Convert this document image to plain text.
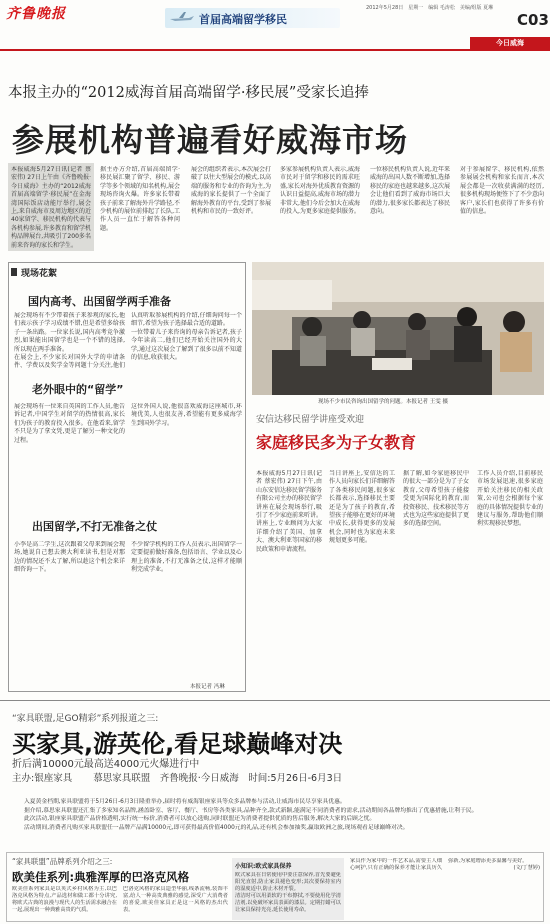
齐鲁晚报	首届高端留学移民
2012年5月28日　星期一　编辑 毛涛松　美编/组版 夏琳
C03
今日威海
本报主办的“2012威海首届高端留学·移民展”受家长追捧
参展机构普遍看好威海市场
本报威海5月27日讯(记者 蔡宏伟) 27日上午由《齐鲁晚报·今日威海》主办的“2012威海首届高端留学·移民展”在金海湾国际饭店动能厅举行,展会上,来自威海市及周边地区的近40家留学、移民机构的代表与各机构参展,许多教育和留学机构品牌展台,共吸引了200多名前来咨询的家长和学生。
据主办方介绍,首届高端留学·移民展汇聚了留学、移民、游学等多个领域的知名机构,展会现场咨询火爆。许多家长带着孩子前来了解海外升学路径,不少机构的展位前排起了长队,工作人员一直忙于解答各种问题。
展会的组织者表示,本次展会打破了以往大型展会的模式,以高端的服务和专业的咨询为主,为威海的家长提供了一个全面了解海外教育的平台,受到了参展机构和市民的一致好评。
多家参展机构负责人表示,威海市民对于留学和移民的需求旺盛,家长对海外优质教育资源的认识日益提高,威海市场的潜力非常大,他们今后会加大在威海的投入,为更多家庭提供服务。
一位移民机构负责人说,近年来威海的出国人数不断增加,选择移民的家庭也越来越多,这次展会让他们看到了威海市场巨大的潜力,很多家长都表达了移民意向。
对于参展留学、移民机构,依然参展展会机构和家长而言,本次展会都是一次收获满满的经历,很多机构现场便签下了不少意向客户,家长们也获得了许多有价值的信息。
现场花絮
国内高考、出国留学两手准备

展会现场有不少带着孩子来参观的家长,他们表示孩子学习成绩不错,但是希望多给孩子一条出路。一位家长说,国内高考竞争激烈,如果能出国留学也是一个不错的选择,所以现在两手准备。

在展会上,不少家长对国外大学的申请条件、学费以及奖学金等问题十分关注,他们认真听取参展机构的介绍,仔细询问每一个细节,希望为孩子选择最合适的道路。

一位带着儿子来咨询的母亲告诉记者,孩子今年读高二,他们已经开始关注国外的大学,通过这次展会了解到了很多以前不知道的信息,收获很大。

老外眼中的“留学”

展会现场有一位来自英国的工作人员,他告诉记者,中国学生对留学的热情很高,家长们为孩子的教育投入很多。在他看来,留学不只是为了拿文凭,更是了解另一种文化的过程。

这位外国人说,他很喜欢威海这座城市,环境优美,人也很友善,希望能有更多威海学生到国外学习。

出国留学,不打无准备之仗

小李是高二学生,这次跟着父母来到展会现场,她说自己想去澳大利亚读书,但是对那边的情况还不太了解,所以趁这个机会来详细咨询一下。

不少留学机构的工作人员表示,出国留学一定要提前做好准备,包括语言、学业以及心理上的准备,不打无准备之仗,这样才能顺利完成学业。

本报记者 冯琳
现场不少市民咨询出国留学的问题。本报记者 王雯 摄
安信达移民留学讲座受欢迎
家庭移民多为子女教育
本报威海5月27日讯(记者 蔡宏伟) 27日下午,由山东安信达移民留学服务有限公司主办的移民留学讲座在展会现场举行,吸引了不少家庭前来听讲。讲座上,专业顾问为大家详细介绍了美国、加拿大、澳大利亚等国家的移民政策和申请流程。
当日讲座上,安信达的工作人员向家长们详细解答了各类移民问题,很多家长都表示,选择移民主要还是为了孩子的教育,希望孩子能够在更好的环境中成长,获得更多的发展机会,同时也为家庭未来规划更多可能。
据了解,如今家庭移民中的很大一部分是为了子女教育,父母希望孩子能接受更为国际化的教育,而投资移民、技术移民等方式也为这些家庭提供了更多的选择空间。
工作人员介绍,目前移民市场发展迅速,很多家庭开始关注移民的相关政策,公司也会根据每个家庭的具体情况提供专业的建议与服务,帮助他们顺利实现移民梦想。
“家具联盟,足GO精彩”系列报道之三:
买家具,游英伦,看足球巅峰对决
折后满10000元最高送4000元火爆进行中
主办:银座家具 慕思家具联盟　齐鲁晚报·今日威海　时间:5月26日-6月3日

入夏黄金档期,家具联盟将于5月26日-6月3日隆重举办,届时将有威海银座家具等众多品牌参与活动,让威海市民尽享家具优惠。

据介绍,慕思家具联盟还汇集了多家知名品牌,涵盖卧室、客厅、餐厅、书房等各类家具,品种齐全,款式新颖,能满足不同消费者的需求,活动期间各品牌均推出了优惠措施,让利于民。

此次活动,银座家具联盟产品价格透明,实行统一标价,消费者可以放心选购,同时联盟还为消费者提供优质的售后服务,解决大家的后顾之忧。

活动期间,消费者凡购买家具联盟任一品牌产品满10000元,即可获得最高价值4000元的礼品,还有机会参加抽奖,赢取欧洲之旅,现场观看足球巅峰对决。

“家具联盟”品牌系列介绍之三:
欧美佳系列:典雅浑厚的巴洛克风格

欧美佳系列家具是以英式乡村风格为主,以巴洛克风格为特点,产品选材和做工都十分讲究,将欧式古典的浪漫与现代人的生活需求融合在一起,展现出一种典雅高贵的气质。

巴洛克风格的家具造型华丽,线条流畅,装饰丰富,给人一种高贵典雅的感觉,深受广大消费者的喜爱,欧美佳家具正是这一风格的杰出代表。

小知识:欧式家具保养

欧式家具在日常使用中要注意保养,首先要避免阳光直射,防止家具褪色变形;其次要保持室内的湿度适中,防止木材开裂。

清洁时可以用柔软的干布擦拭,不要使用化学清洁剂,以免破坏家具表面的漆层。定期打蜡可以让家具保持光亮,延长使用寿命。

家具作为家中的一件艺术品,需要主人细心呵护,只有正确的保养才能让家具历久弥新,为家庭增添更多温馨与美好。

(文/丁慧婷)
